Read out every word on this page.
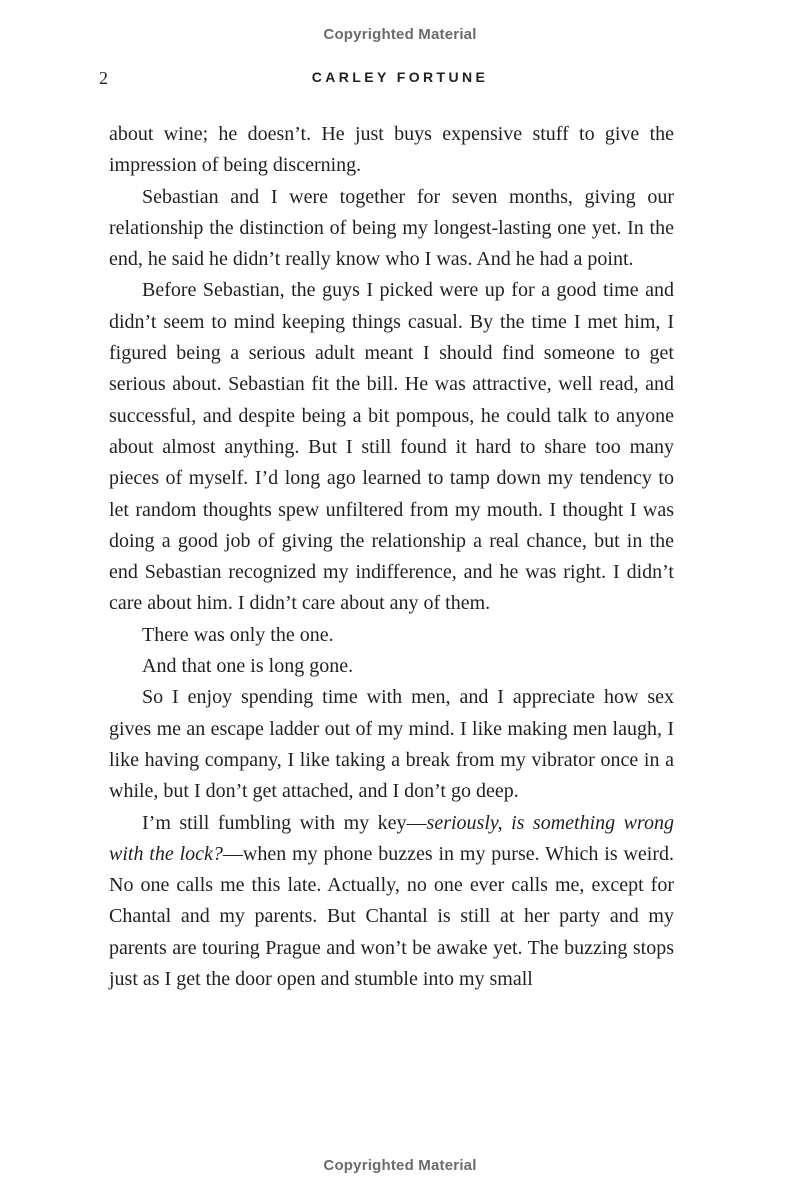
Copyrighted Material
2	CARLEY FORTUNE

about wine; he doesn’t. He just buys expensive stuff to give the impression of being discerning.

Sebastian and I were together for seven months, giving our relationship the distinction of being my longest-lasting one yet. In the end, he said he didn’t really know who I was. And he had a point.

Before Sebastian, the guys I picked were up for a good time and didn’t seem to mind keeping things casual. By the time I met him, I figured being a serious adult meant I should find someone to get serious about. Sebastian fit the bill. He was attractive, well read, and successful, and despite being a bit pompous, he could talk to anyone about almost anything. But I still found it hard to share too many pieces of myself. I’d long ago learned to tamp down my tendency to let random thoughts spew unfiltered from my mouth. I thought I was doing a good job of giving the relationship a real chance, but in the end Sebastian recognized my indifference, and he was right. I didn’t care about him. I didn’t care about any of them.

There was only the one.

And that one is long gone.

So I enjoy spending time with men, and I appreciate how sex gives me an escape ladder out of my mind. I like making men laugh, I like having company, I like taking a break from my vibrator once in a while, but I don’t get attached, and I don’t go deep.

I’m still fumbling with my key—seriously, is something wrong with the lock?—when my phone buzzes in my purse. Which is weird. No one calls me this late. Actually, no one ever calls me, except for Chantal and my parents. But Chantal is still at her party and my parents are touring Prague and won’t be awake yet. The buzzing stops just as I get the door open and stumble into my small

Copyrighted Material
